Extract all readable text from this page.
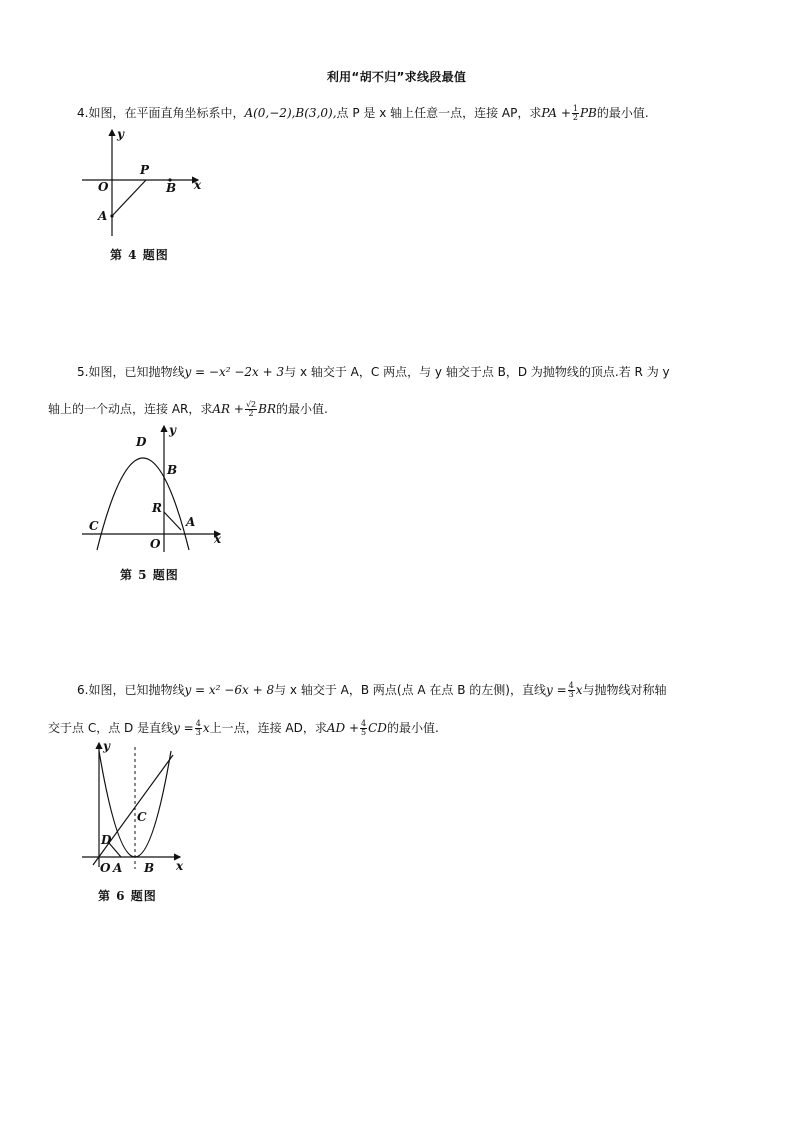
利用“胡不归”求线段最值
4.如图，在平面直角坐标系中，A(0,−2),B(3,0),点 P 是 x 轴上任意一点，连接 AP，求PA + $\frac{1}{2}$ PB的最小值.
y
x
O
P
B
A
第 4 题图
5.如图，已知抛物线y = −x² −2x + 3与 x 轴交于 A，C 两点，与 y 轴交于点 B，D 为抛物线的顶点.若 R 为 y
轴上的一个动点，连接 AR，求AR + $\frac{√2}{2}$ BR的最小值.
y
x
O
D
B
R
A
C
第 5 题图
6.如图，已知抛物线y = x² −6x + 8与 x 轴交于 A，B 两点(点 A 在点 B 的左侧)，直线$y = \frac{4}{3}$ x与抛物线对称轴
交于点 C，点 D 是直线$y = \frac{4}{3}$ x上一点，连接 AD，求AD + $\frac{4}{5}$ CD的最小值.
y
x
O A B
C
D
第 6 题图
